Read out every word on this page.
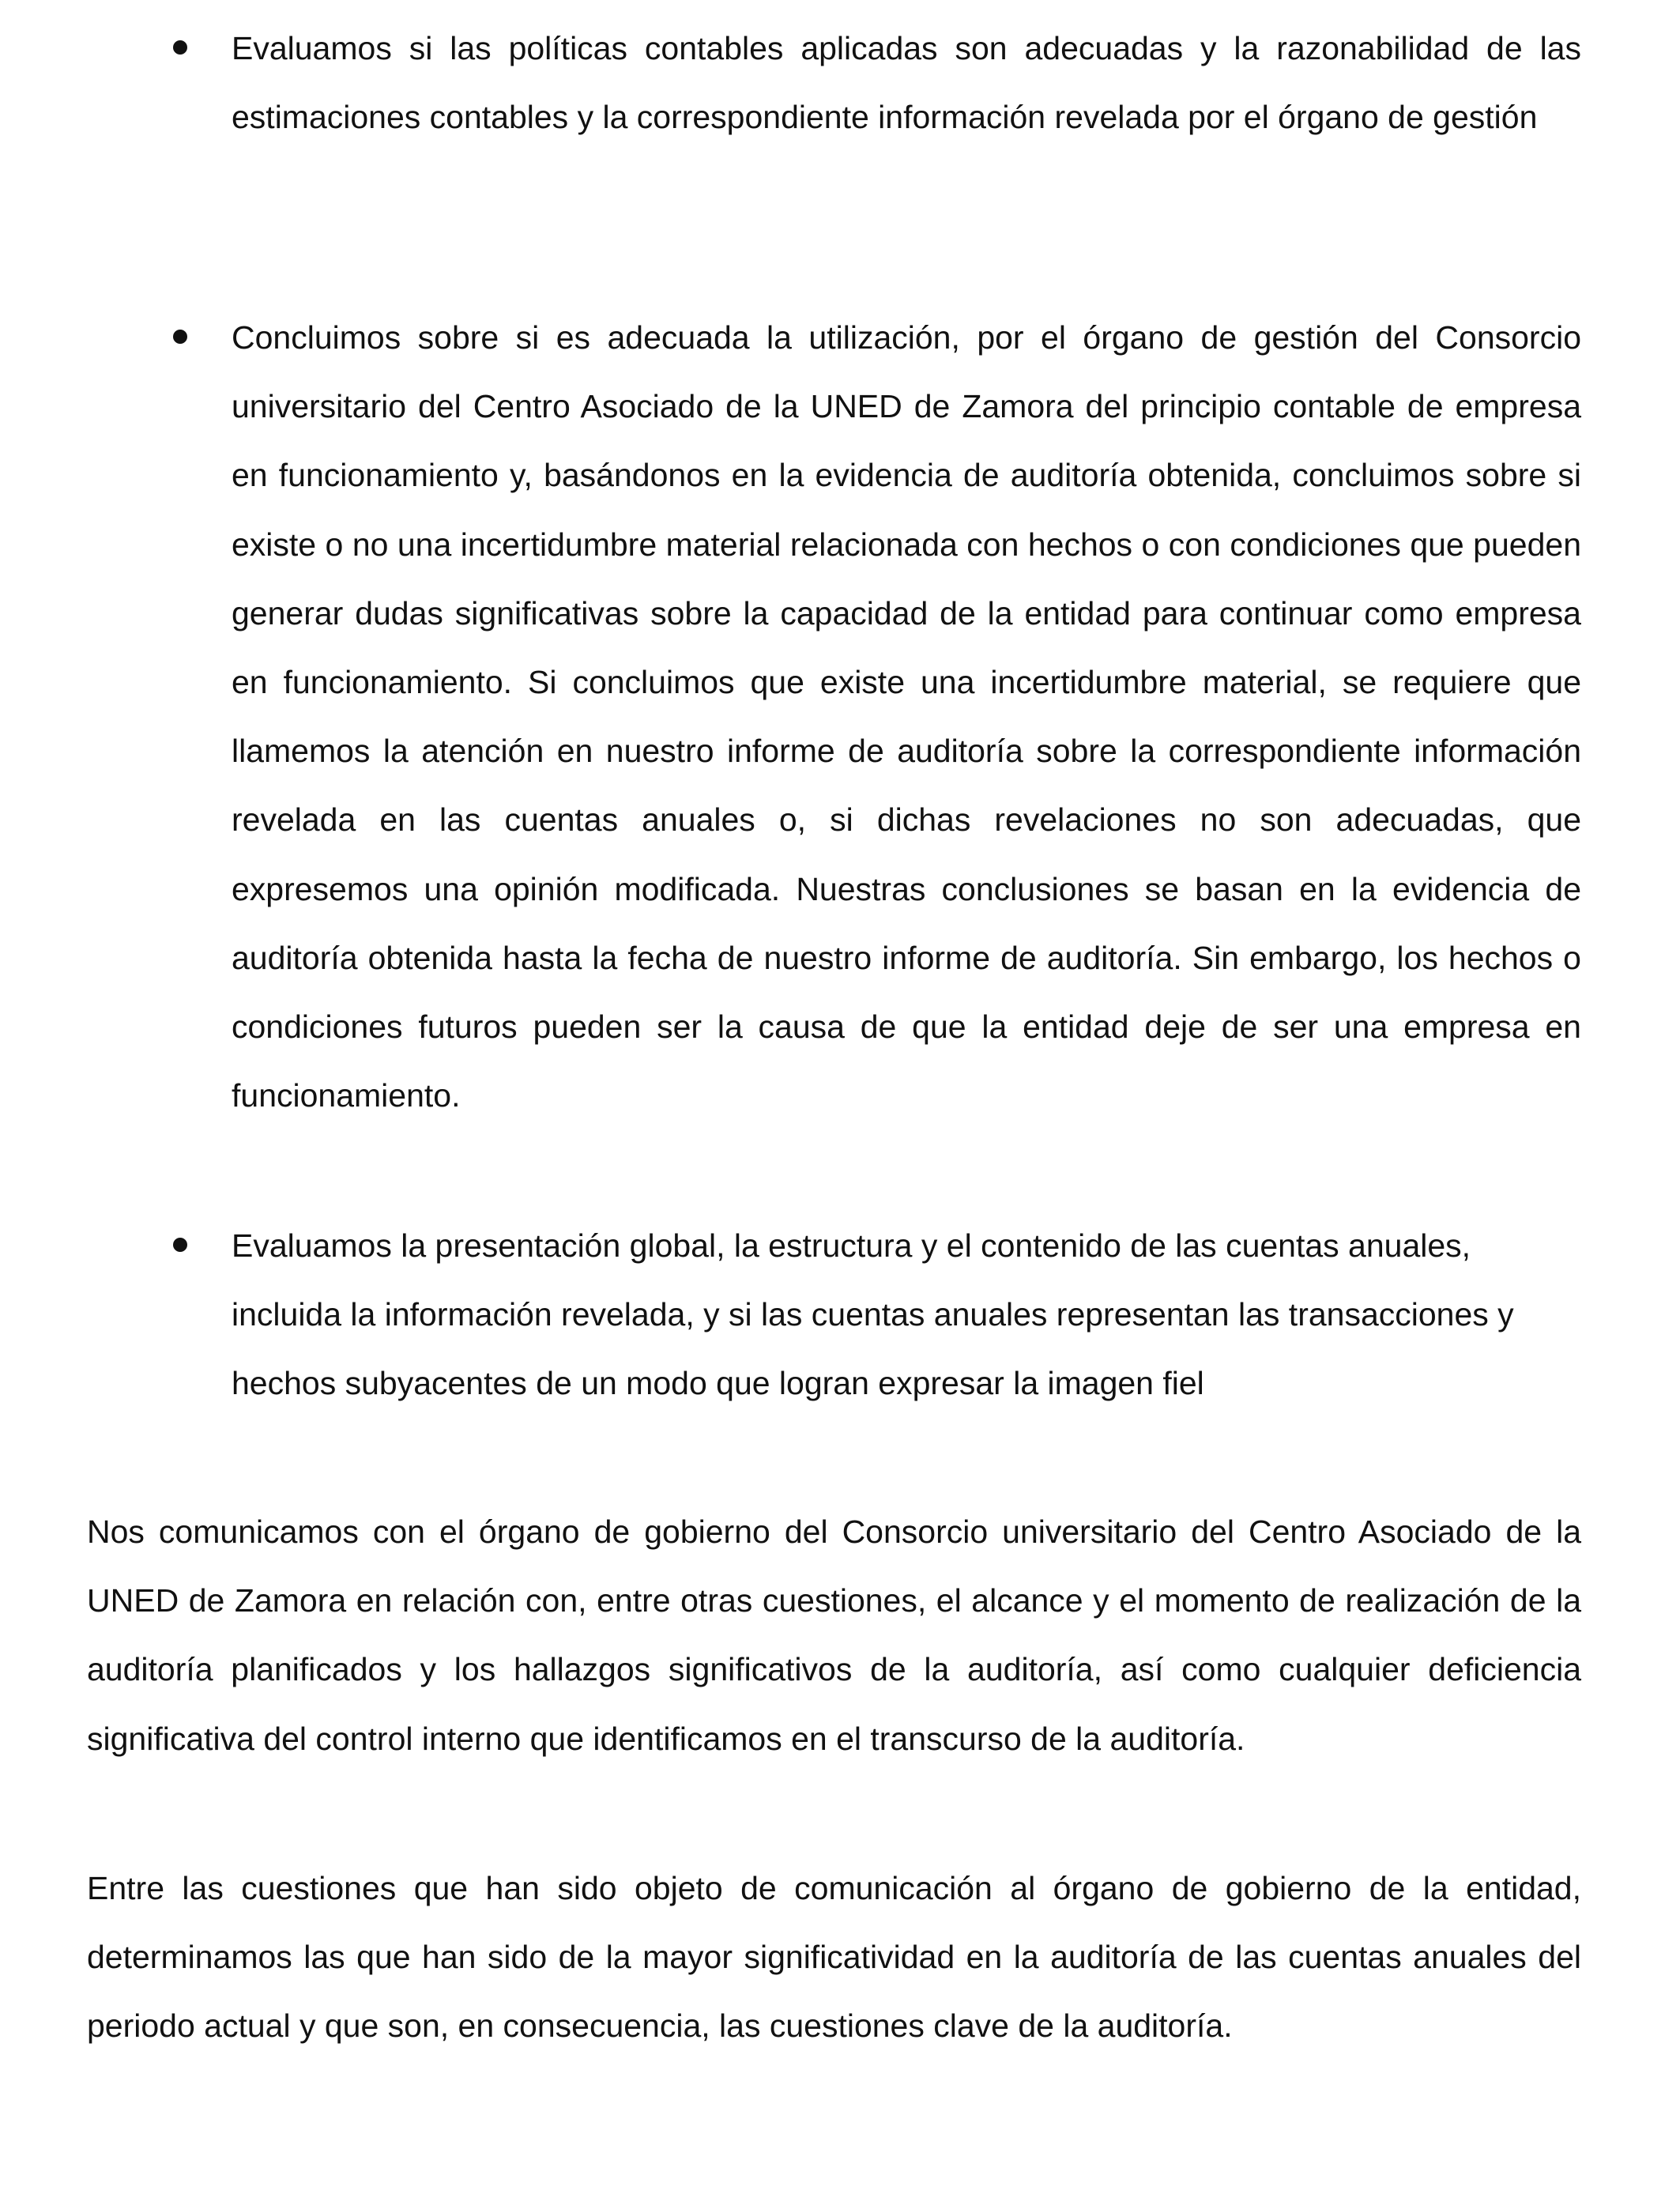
Evaluamos si las políticas contables aplicadas son adecuadas y la razonabilidad de las estimaciones contables y la correspondiente información revelada por el órgano de gestión

Concluimos sobre si es adecuada la utilización, por el órgano de gestión del Consorcio universitario del Centro Asociado de la UNED de Zamora del principio contable de empresa en funcionamiento y, basándonos en la evidencia de auditoría obtenida, concluimos sobre si existe o no una incertidumbre material relacionada con hechos o con condiciones que pueden generar dudas significativas sobre la capacidad de la entidad para continuar como empresa en funcionamiento. Si concluimos que existe una incertidumbre material, se requiere que llamemos la atención en nuestro informe de auditoría sobre la correspondiente información revelada en las cuentas anuales o, si dichas revelaciones no son adecuadas, que expresemos una opinión modificada. Nuestras conclusiones se basan en la evidencia de auditoría obtenida hasta la fecha de nuestro informe de auditoría. Sin embargo, los hechos o condiciones futuros pueden ser la causa de que la entidad deje de ser una empresa en funcionamiento.

Evaluamos la presentación global, la estructura y el contenido de las cuentas anuales, incluida la información revelada, y si las cuentas anuales representan las transacciones y hechos subyacentes de un modo que logran expresar la imagen fiel

Nos comunicamos con el órgano de gobierno del Consorcio universitario del Centro Asociado de la UNED de Zamora en relación con, entre otras cuestiones, el alcance y el momento de realización de la auditoría planificados y los hallazgos significativos de la auditoría, así como cualquier deficiencia significativa del control interno que identificamos en el transcurso de la auditoría.

Entre las cuestiones que han sido objeto de comunicación al órgano de gobierno de la entidad, determinamos las que han sido de la mayor significatividad en la auditoría de las cuentas anuales del periodo actual y que son, en consecuencia, las cuestiones clave de la auditoría.
